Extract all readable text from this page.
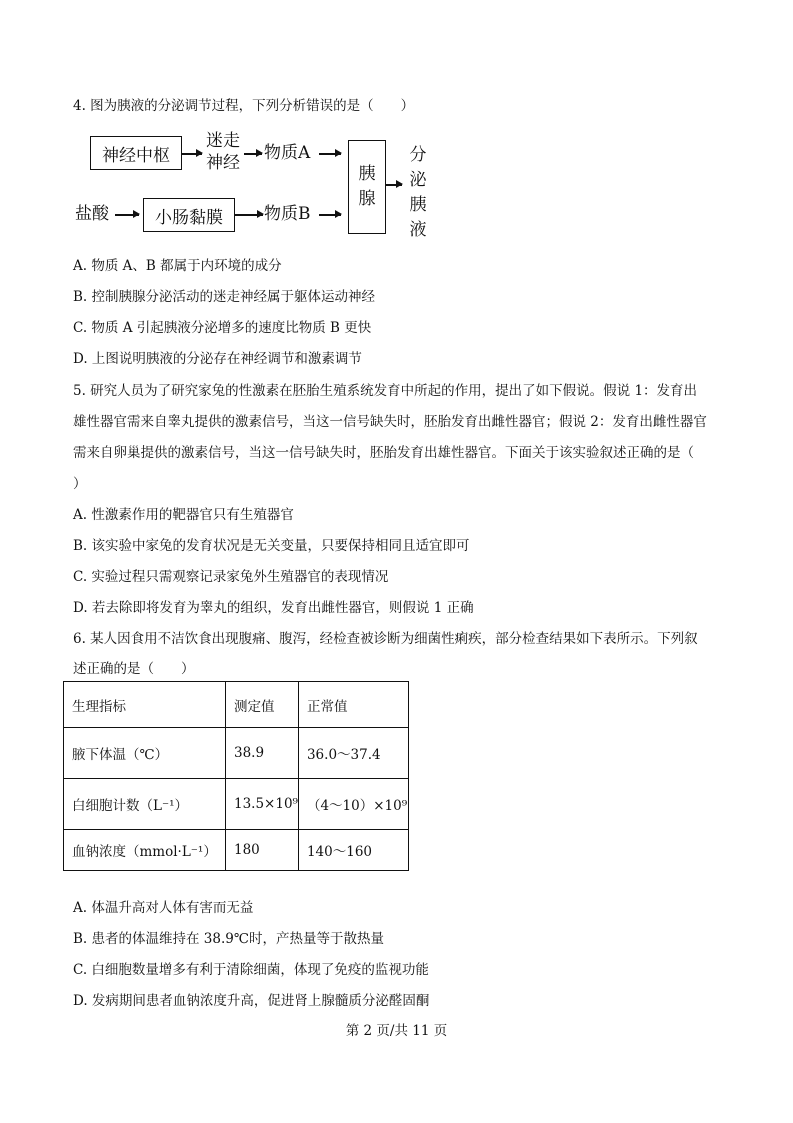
4. 图为胰液的分泌调节过程，下列分析错误的是（　　）
神经中枢
迷走
神经 物质A
盐酸	小肠黏膜	物质B
胰
腺
分
泌
胰
液
A. 物质 A、B 都属于内环境的成分
B. 控制胰腺分泌活动的迷走神经属于躯体运动神经
C. 物质 A 引起胰液分泌增多的速度比物质 B 更快
D. 上图说明胰液的分泌存在神经调节和激素调节
5. 研究人员为了研究家兔的性激素在胚胎生殖系统发育中所起的作用，提出了如下假说。假说 1：发育出
雄性器官需来自睾丸提供的激素信号，当这一信号缺失时，胚胎发育出雌性器官；假说 2：发育出雌性器官
需来自卵巢提供的激素信号，当这一信号缺失时，胚胎发育出雄性器官。下面关于该实验叙述正确的是（
）
A. 性激素作用的靶器官只有生殖器官
B. 该实验中家兔的发育状况是无关变量，只要保持相同且适宜即可
C. 实验过程只需观察记录家兔外生殖器官的表现情况
D. 若去除即将发育为睾丸的组织，发育出雌性器官，则假说 1 正确
6. 某人因食用不洁饮食出现腹痛、腹泻，经检查被诊断为细菌性痢疾，部分检查结果如下表所示。下列叙
述正确的是（　　）
生理指标	测定值	正常值
腋下体温（℃）	38.9	36.0～37.4
白细胞计数（L⁻¹）	13.5×10⁹	（4～10）×10⁹
血钠浓度（mmol·L⁻¹）	180	140～160
A. 体温升高对人体有害而无益
B. 患者的体温维持在 38.9℃时，产热量等于散热量
C. 白细胞数量增多有利于清除细菌，体现了免疫的监视功能
D. 发病期间患者血钠浓度升高，促进肾上腺髓质分泌醛固酮
第 2 页/共 11 页
